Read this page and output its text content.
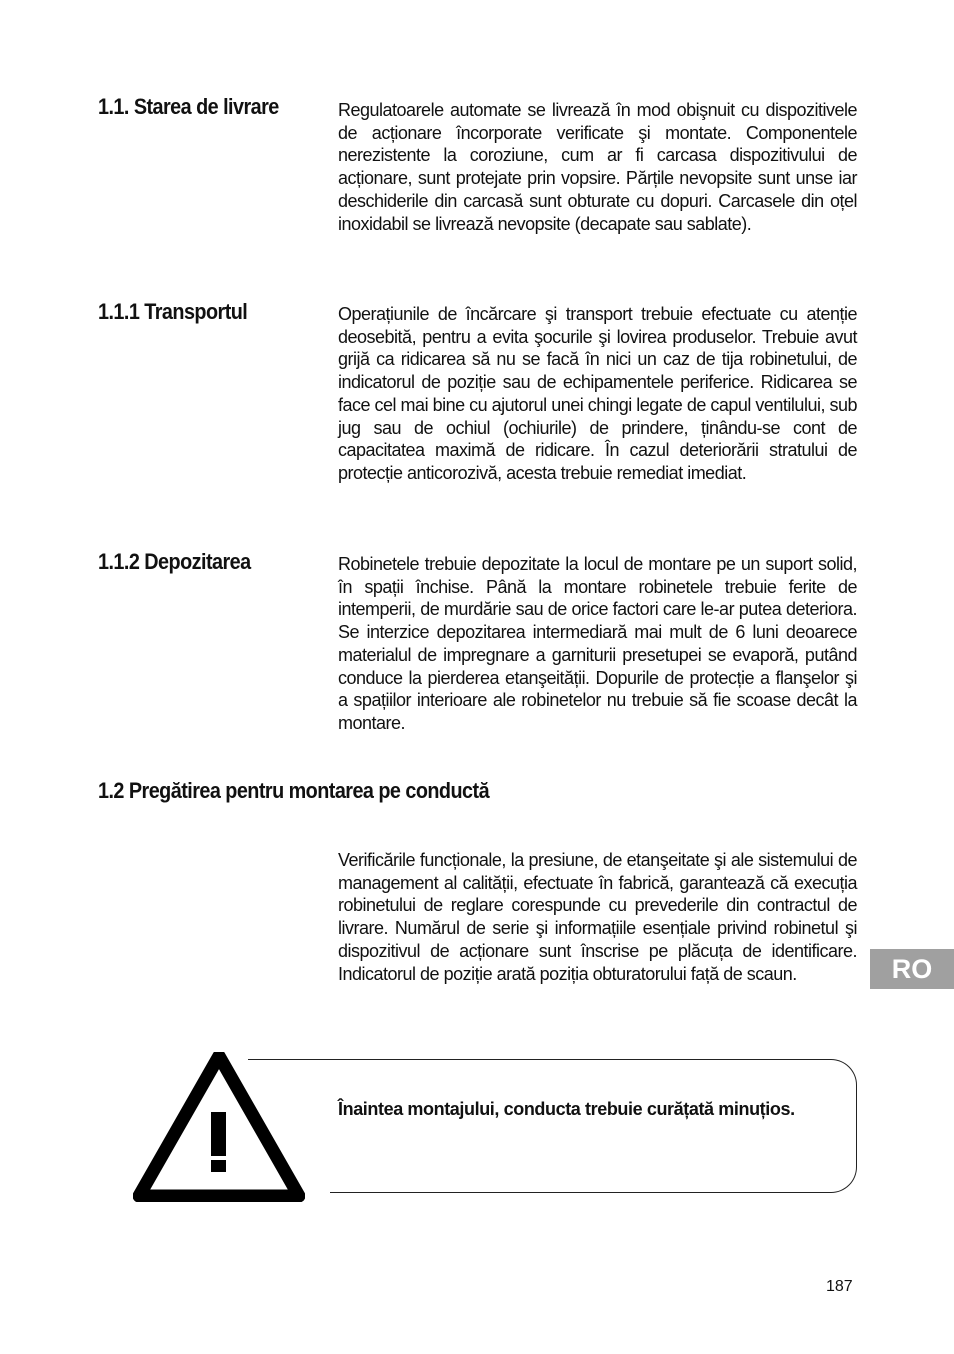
1.1. Starea de livrare	Regulatoarele automate se livrează în mod obişnuit cu dispozitivele de acționare încorporate verificate şi montate. Componentele nerezistente la coroziune, cum ar fi carcasa dispozitivului de acționare, sunt protejate prin vopsire. Părțile nevopsite sunt unse iar deschiderile din carcasă sunt obturate cu dopuri. Carcasele din oțel inoxidabil se livrează nevopsite (decapate sau sablate).

1.1.1 Transportul	Operațiunile de încărcare şi transport trebuie efectuate cu atenție deosebită, pentru a evita şocurile şi lovirea produselor. Trebuie avut grijă ca ridicarea să nu se facă în nici un caz de tija robinetului, de indicatorul de poziție sau de echipamentele periferice. Ridicarea se face cel mai bine cu ajutorul unei chingi legate de capul ventilului, sub jug sau de ochiul (ochiurile) de prindere, ținându-se cont de capacitatea maximă de ridicare. În cazul deteriorării stratului de protecție anticorozivă, acesta trebuie remediat imediat.

1.1.2 Depozitarea	Robinetele trebuie depozitate la locul de montare pe un suport solid, în spații închise. Până la montare robinetele trebuie ferite de intemperii, de murdărie sau de orice factori care le-ar putea deteriora. Se interzice depozitarea intermediară mai mult de 6 luni deoarece materialul de impregnare a garniturii presetupei se evaporă, putând conduce la pierderea etanşeității. Dopurile de protecție a flanşelor şi a spațiilor interioare ale robinetelor nu trebuie să fie scoase decât la montare.

1.2 Pregătirea pentru montarea pe conductă

Verificările funcționale, la presiune, de etanşeitate şi ale sistemului de management al calității, efectuate în fabrică, garantează că execuția robinetului de reglare corespunde cu prevederile din contractul de livrare. Numărul de serie şi informațiile esențiale privind robinetul şi dispozitivul de acționare sunt înscrise pe plăcuța de identificare. Indicatorul de poziție arată poziția obturatorului față de scaun.	RO

Înaintea montajului, conducta trebuie curățată minuțios.

187
